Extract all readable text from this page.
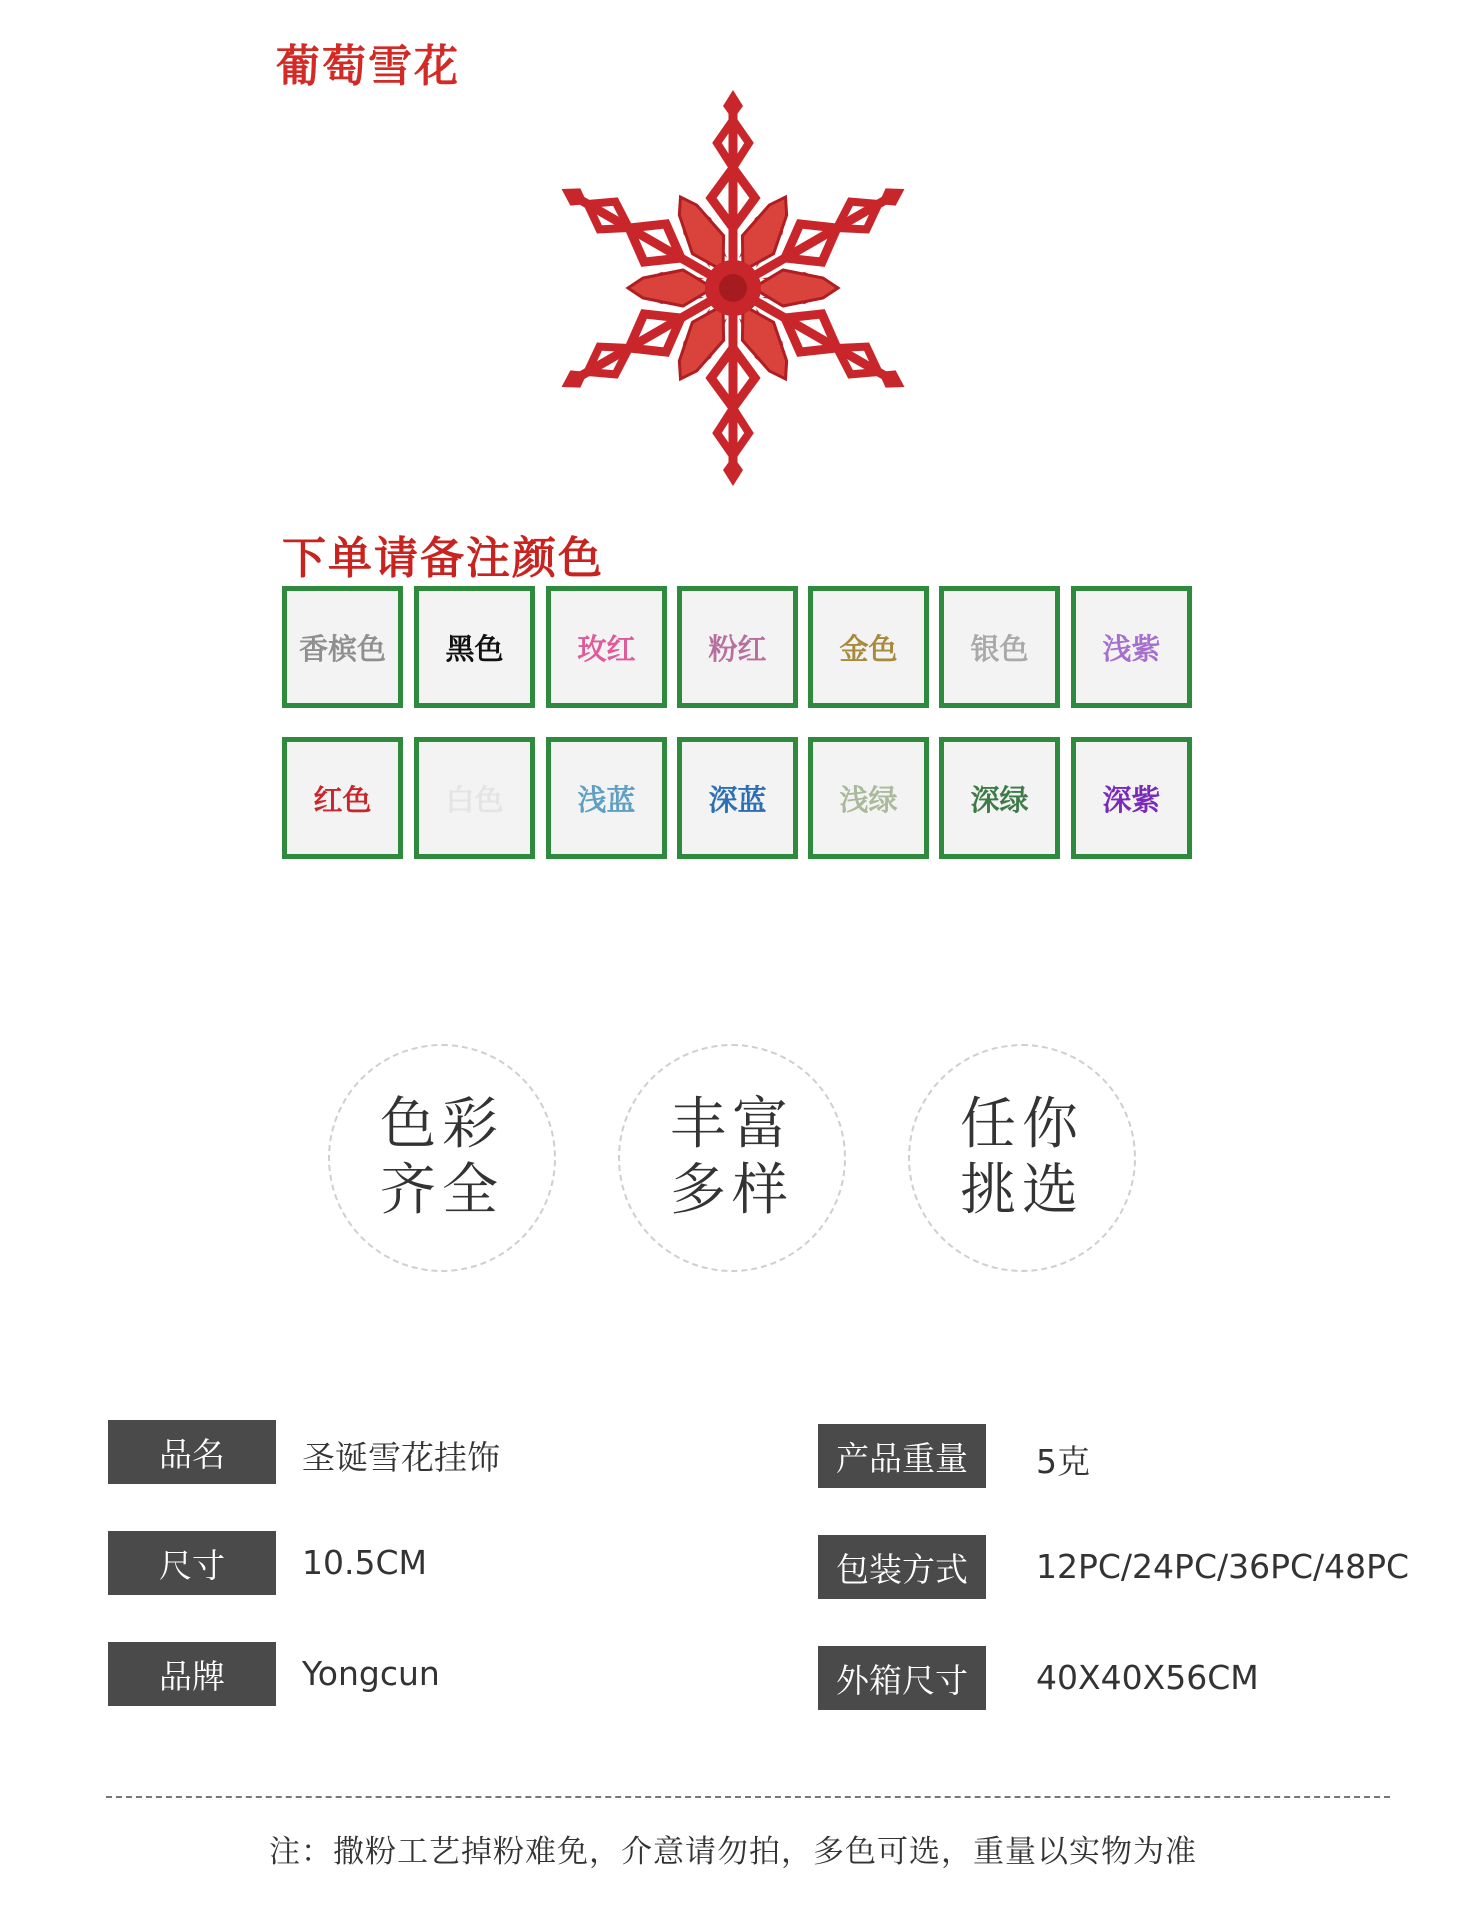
葡萄雪花
下单请备注颜色
香槟色	黑色	玫红	粉红	金色	银色	浅紫
红色	白色	浅蓝	深蓝	浅绿	深绿	深紫
色彩
齐全
丰富
多样
任你
挑选
品名	圣诞雪花挂饰	产品重量	5克
尺寸	10.5CM	包装方式	12PC/24PC/36PC/48PC
品牌	Yongcun	外箱尺寸	40X40X56CM
注：撒粉工艺掉粉难免，介意请勿拍，多色可选，重量以实物为准
